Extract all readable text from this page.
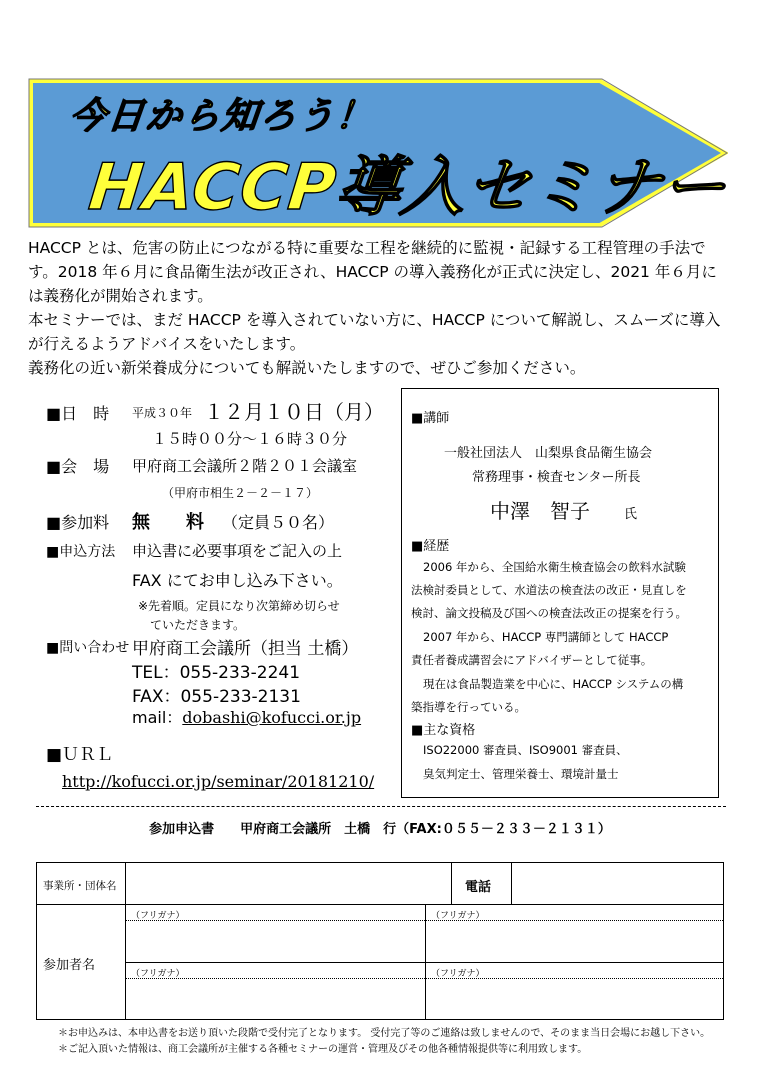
今日から知ろう！
HACCP導入セミナー

HACCP とは、危害の防止につながる特に重要な工程を継続的に監視・記録する工程管理の手法です。2018 年６月に食品衛生法が改正され、HACCP の導入義務化が正式に決定し、2021 年６月には義務化が開始されます。

本セミナーでは、まだ HACCP を導入されていない方に、HACCP について解説し、スムーズに導入が行えるようアドバイスをいたします。

義務化の近い新栄養成分についても解説いたしますので、ぜひご参加ください。

■日　時 平成３０年 １２月１０日（月）
１５時００分～１６時３０分
■会　場 甲府商工会議所２階２０１会議室
（甲府市相生２－２－１７）
■参加料 無　　料 （定員５０名）
■申込方法 申込書に必要事項をご記入の上
FAX にてお申し込み下さい。
※先着順。定員になり次第締め切らせ
ていただきます。
■問い合わせ 甲府商工会議所（担当 土橋）
TEL：055-233-2241
FAX：055-233-2131
mail：dobashi@kofucci.or.jp
■ＵＲＬ
http://kofucci.or.jp/seminar/20181210/
■講師
一般社団法人　山梨県食品衛生協会
常務理事・検査センター所長
中澤　智子	氏
■経歴
2006 年から、全国給水衛生検査協会の飲料水試験
法検討委員として、水道法の検査法の改正・見直しを
検討、論文投稿及び国への検査法改正の提案を行う。
2007 年から、HACCP 専門講師として HACCP
責任者養成講習会にアドバイザーとして従事。
現在は食品製造業を中心に、HACCP システムの構
築指導を行っている。
■主な資格
ISO22000 審査員、ISO9001 審査員、
臭気判定士、管理栄養士、環境計量士
参加申込書　　甲府商工会議所　土橋　行（FAX:０５５－２３３－２１３１）
事業所・団体名	電話
参加者名
（フリガナ）	（フリガナ）
（フリガナ）	（フリガナ）

＊お申込みは、本申込書をお送り頂いた段階で受付完了となります。 受付完了等のご連絡は致しませんので、そのまま当日会場にお越し下さい。

＊ご記入頂いた情報は、商工会議所が主催する各種セミナーの運営・管理及びその他各種情報提供等に利用致します。
